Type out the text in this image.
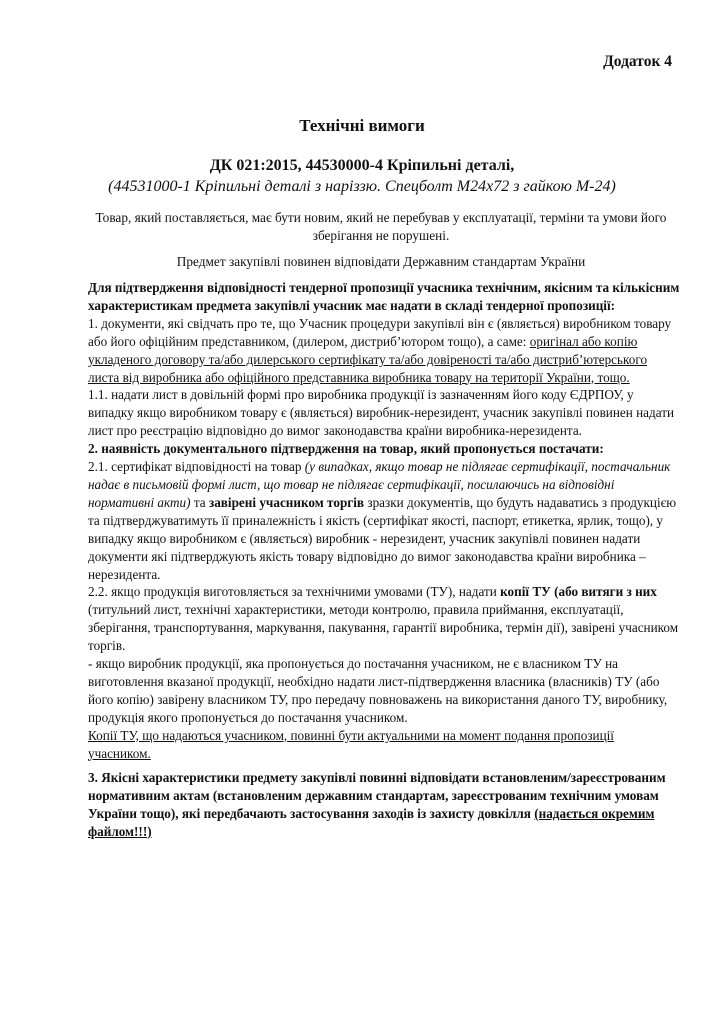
Додаток 4
Технічні вимоги
ДК 021:2015, 44530000-4 Кріпильні деталі,
(44531000-1 Кріпильні деталі з наріззю. Спецболт М24х72 з гайкою М-24)
Товар, який поставляється, має бути новим, який не перебував у експлуатації, терміни та умови його зберігання не порушені.
Предмет закупівлі повинен відповідати Державним стандартам України

Для підтвердження відповідності тендерної пропозиції учасника технічним, якісним та кількісним характеристикам предмета закупівлі учасник має надати в складі тендерної пропозиції:

1. документи, які свідчать про те, що Учасник процедури закупівлі він є (являється) виробником товару або його офіційним представником, (дилером, дистриб’ютором тощо), а саме: оригінал або копію укладеного договору та/або дилерського сертифікату та/або довіреності та/або дистриб’ютерського листа від виробника або офіційного представника виробника товару на території України, тощо.

1.1. надати лист в довільній формі про виробника продукції із зазначенням його коду ЄДРПОУ, у випадку якщо виробником товару є (являється) виробник-нерезидент, учасник закупівлі повинен надати лист про реєстрацію відповідно до вимог законодавства країни виробника-нерезидента.

2. наявність документального підтвердження на товар, який пропонується постачати:

2.1. сертифікат відповідності на товар (у випадках, якщо товар не підлягає сертифікації, постачальник надає в письмовій формі лист, що товар не підлягає сертифікації, посилаючись на відповідні нормативні акти) та завірені учасником торгів зразки документів, що будуть надаватись з продукцією та підтверджуватимуть її приналежність і якість (сертифікат якості, паспорт, етикетка, ярлик, тощо), у випадку якщо виробником є (являється) виробник - нерезидент, учасник закупівлі повинен надати документи які підтверджують якість товару відповідно до вимог законодавства країни виробника – нерезидента.

2.2. якщо продукція виготовляється за технічними умовами (ТУ), надати копії ТУ (або витяги з них (титульний лист, технічні характеристики, методи контролю, правила приймання, експлуатації, зберігання, транспортування, маркування, пакування, гарантії виробника, термін дії), завірені учасником торгів.

- якщо виробник продукції, яка пропонується до постачання учасником, не є власником ТУ на виготовлення вказаної продукції, необхідно надати лист-підтвердження власника (власників) ТУ (або його копію) завірену власником ТУ, про передачу повноважень на використання даного ТУ, виробнику, продукція якого пропонується до постачання учасником.

Копії ТУ, що надаються учасником, повинні бути актуальними на момент подання пропозиції учасником.

3. Якісні характеристики предмету закупівлі повинні відповідати встановленим/зареєстрованим нормативним актам (встановленим державним стандартам, зареєстрованим технічним умовам України тощо), які передбачають застосування заходів із захисту довкілля (надається окремим файлом!!!)
